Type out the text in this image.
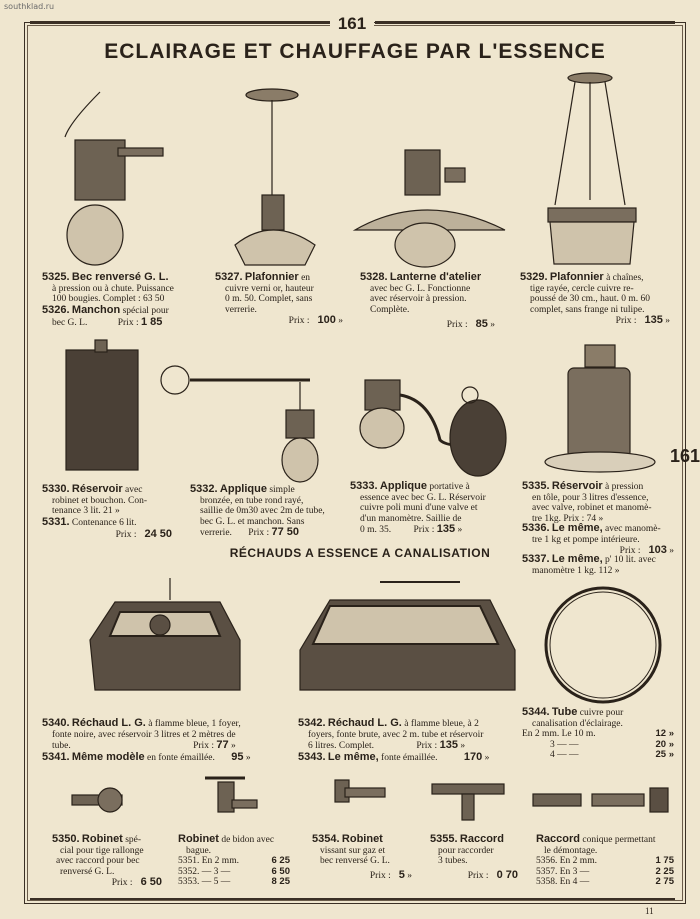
southklad.ru
161
ECLAIRAGE ET CHAUFFAGE PAR L'ESSENCE
161
11
5325. Bec renversé G. L.
à pression ou à chute. Puissance
100 bougies. Complet : 63 50
5326. Manchon spécial pour
bec G. L.	Prix : 1 85
5327. Plafonnier en
cuivre verni or, hauteur
0 m. 50. Complet, sans
verrerie.
Prix : 100 »
5328. Lanterne d'atelier
avec bec G. L. Fonctionne
avec réservoir à pression.
Complète.
Prix : 85 »
5329. Plafonnier à chaînes,
tige rayée, cercle cuivre re-
poussé de 30 cm., haut. 0 m. 60
complet, sans frange ni tulipe.
Prix : 135 »
5330. Réservoir avec
robinet et bouchon. Con-
tenance 3 lit. 21 »
5331. Contenance 6 lit.
Prix : 24 50
5332. Applique simple
bronzée, en tube rond rayé,
saillie de 0m30 avec 2m de tube,
bec G. L. et manchon. Sans
verrerie. Prix : 77 50
5333. Applique portative à
essence avec bec G. L. Réservoir
cuivre poli muni d'une valve et
d'un manomètre. Saillie de
0 m. 35. Prix : 135 »
5335. Réservoir à pression
en tôle, pour 3 litres d'essence,
avec valve, robinet et manomè-
tre 1kg. Prix : 74 »
5336. Le même, avec manomè-
tre 1 kg et pompe intérieure.
Prix : 103 »
5337. Le même, p' 10 lit. avec
manomètre 1 kg. 112 »
RÉCHAUDS A ESSENCE A CANALISATION
5340. Réchaud L. G. à flamme bleue, 1 foyer,
fonte noire, avec réservoir 3 litres et 2 mètres de
tube.	Prix : 77 »
5341. Même modèle en fonte émaillée. 95 »
5342. Réchaud L. G. à flamme bleue, à 2
foyers, fonte brute, avec 2 m. tube et réservoir
6 litres. Complet.	Prix : 135 »
5343. Le même, fonte émaillée. 170 »
5344. Tube cuivre pour
canalisation d'éclairage.
En 2 mm. Le 10 m.	12 »
3 — —	20 »
4 — —	25 »
5350. Robinet spé-
cial pour tige rallonge
avec raccord pour bec
renversé G. L.
Prix : 6 50
Robinet de bidon avec
bague.
5351. En 2 mm.	6 25
5352. — 3 —	6 50
5353. — 5 —	8 25
5354. Robinet
vissant sur gaz et
bec renversé G. L.
Prix : 5 »
5355. Raccord
pour raccorder
3 tubes.
Prix : 0 70
Raccord conique permettant
le démontage.
5356. En 2 mm.	1 75
5357. En 3 —	2 25
5358. En 4 —	2 75
